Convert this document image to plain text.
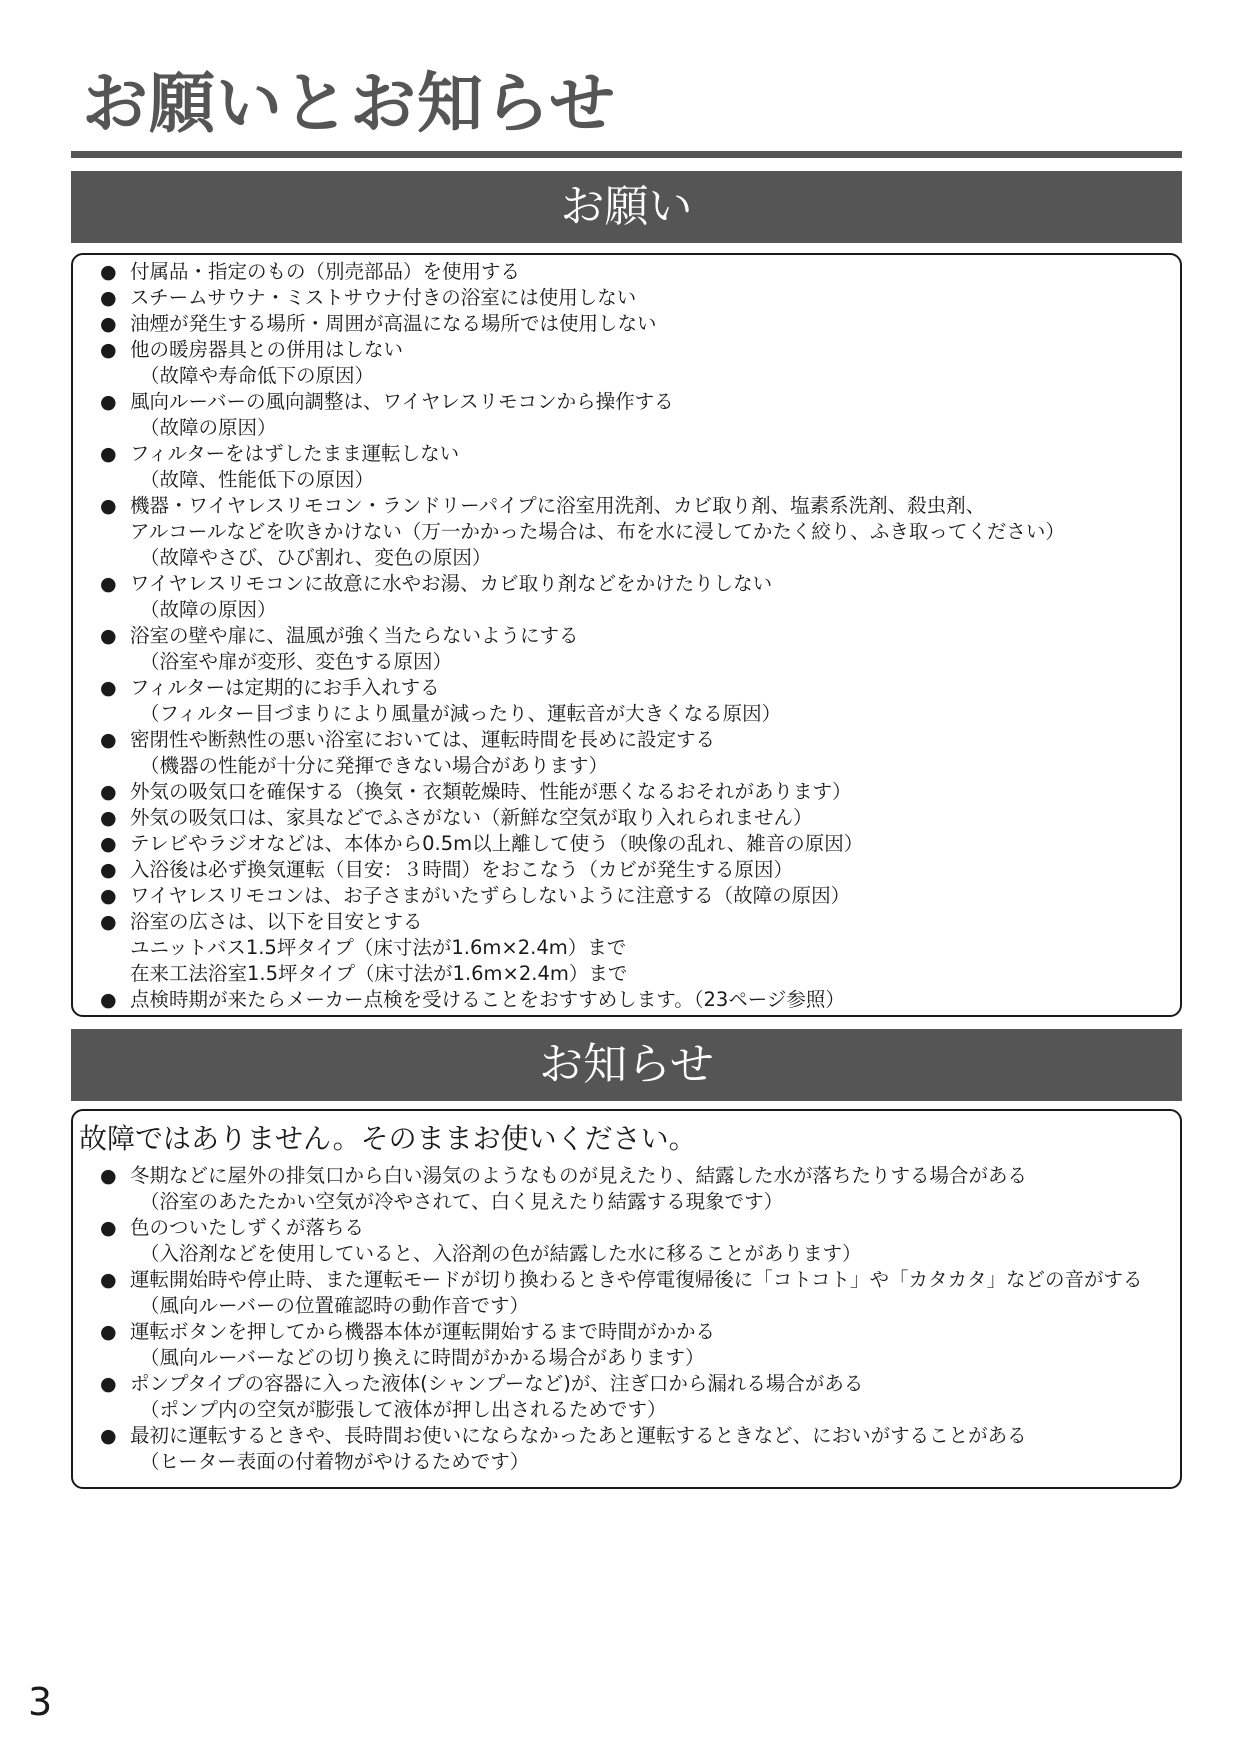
お願いとお知らせ
お願い
● 付属品・指定のもの（別売部品）を使用する
● スチームサウナ・ミストサウナ付きの浴室には使用しない
● 油煙が発生する場所・周囲が高温になる場所では使用しない
● 他の暖房器具との併用はしない
（故障や寿命低下の原因）
● 風向ルーバーの風向調整は、ワイヤレスリモコンから操作する
（故障の原因）
● フィルターをはずしたまま運転しない
（故障、性能低下の原因）
● 機器・ワイヤレスリモコン・ランドリーパイプに浴室用洗剤、カビ取り剤、塩素系洗剤、殺虫剤、
アルコールなどを吹きかけない（万一かかった場合は、布を水に浸してかたく絞り、ふき取ってください）
（故障やさび、ひび割れ、変色の原因）
● ワイヤレスリモコンに故意に水やお湯、カビ取り剤などをかけたりしない
（故障の原因）
● 浴室の壁や扉に、温風が強く当たらないようにする
（浴室や扉が変形、変色する原因）
● フィルターは定期的にお手入れする
（フィルター目づまりにより風量が減ったり、運転音が大きくなる原因）
● 密閉性や断熱性の悪い浴室においては、運転時間を長めに設定する
（機器の性能が十分に発揮できない場合があります）
● 外気の吸気口を確保する（換気・衣類乾燥時、性能が悪くなるおそれがあります）
● 外気の吸気口は、家具などでふさがない（新鮮な空気が取り入れられません）
● テレビやラジオなどは、本体から0.5m以上離して使う（映像の乱れ、雑音の原因）
● 入浴後は必ず換気運転（目安：３時間）をおこなう（カビが発生する原因）
● ワイヤレスリモコンは、お子さまがいたずらしないように注意する（故障の原因）
● 浴室の広さは、以下を目安とする
ユニットバス1.5坪タイプ（床寸法が1.6m×2.4m）まで
在来工法浴室1.5坪タイプ（床寸法が1.6m×2.4m）まで
● 点検時期が来たらメーカー点検を受けることをおすすめします。（23ページ参照）
お知らせ
故障ではありません。そのままお使いください。
● 冬期などに屋外の排気口から白い湯気のようなものが見えたり、結露した水が落ちたりする場合がある
（浴室のあたたかい空気が冷やされて、白く見えたり結露する現象です）
● 色のついたしずくが落ちる
（入浴剤などを使用していると、入浴剤の色が結露した水に移ることがあります）
● 運転開始時や停止時、また運転モードが切り換わるときや停電復帰後に「コトコト」や「カタカタ」などの音がする
（風向ルーバーの位置確認時の動作音です）
● 運転ボタンを押してから機器本体が運転開始するまで時間がかかる
（風向ルーバーなどの切り換えに時間がかかる場合があります）
● ポンプタイプの容器に入った液体(シャンプーなど)が、注ぎ口から漏れる場合がある
（ポンプ内の空気が膨張して液体が押し出されるためです）
● 最初に運転するときや、長時間お使いにならなかったあと運転するときなど、においがすることがある
（ヒーター表面の付着物がやけるためです）
3
